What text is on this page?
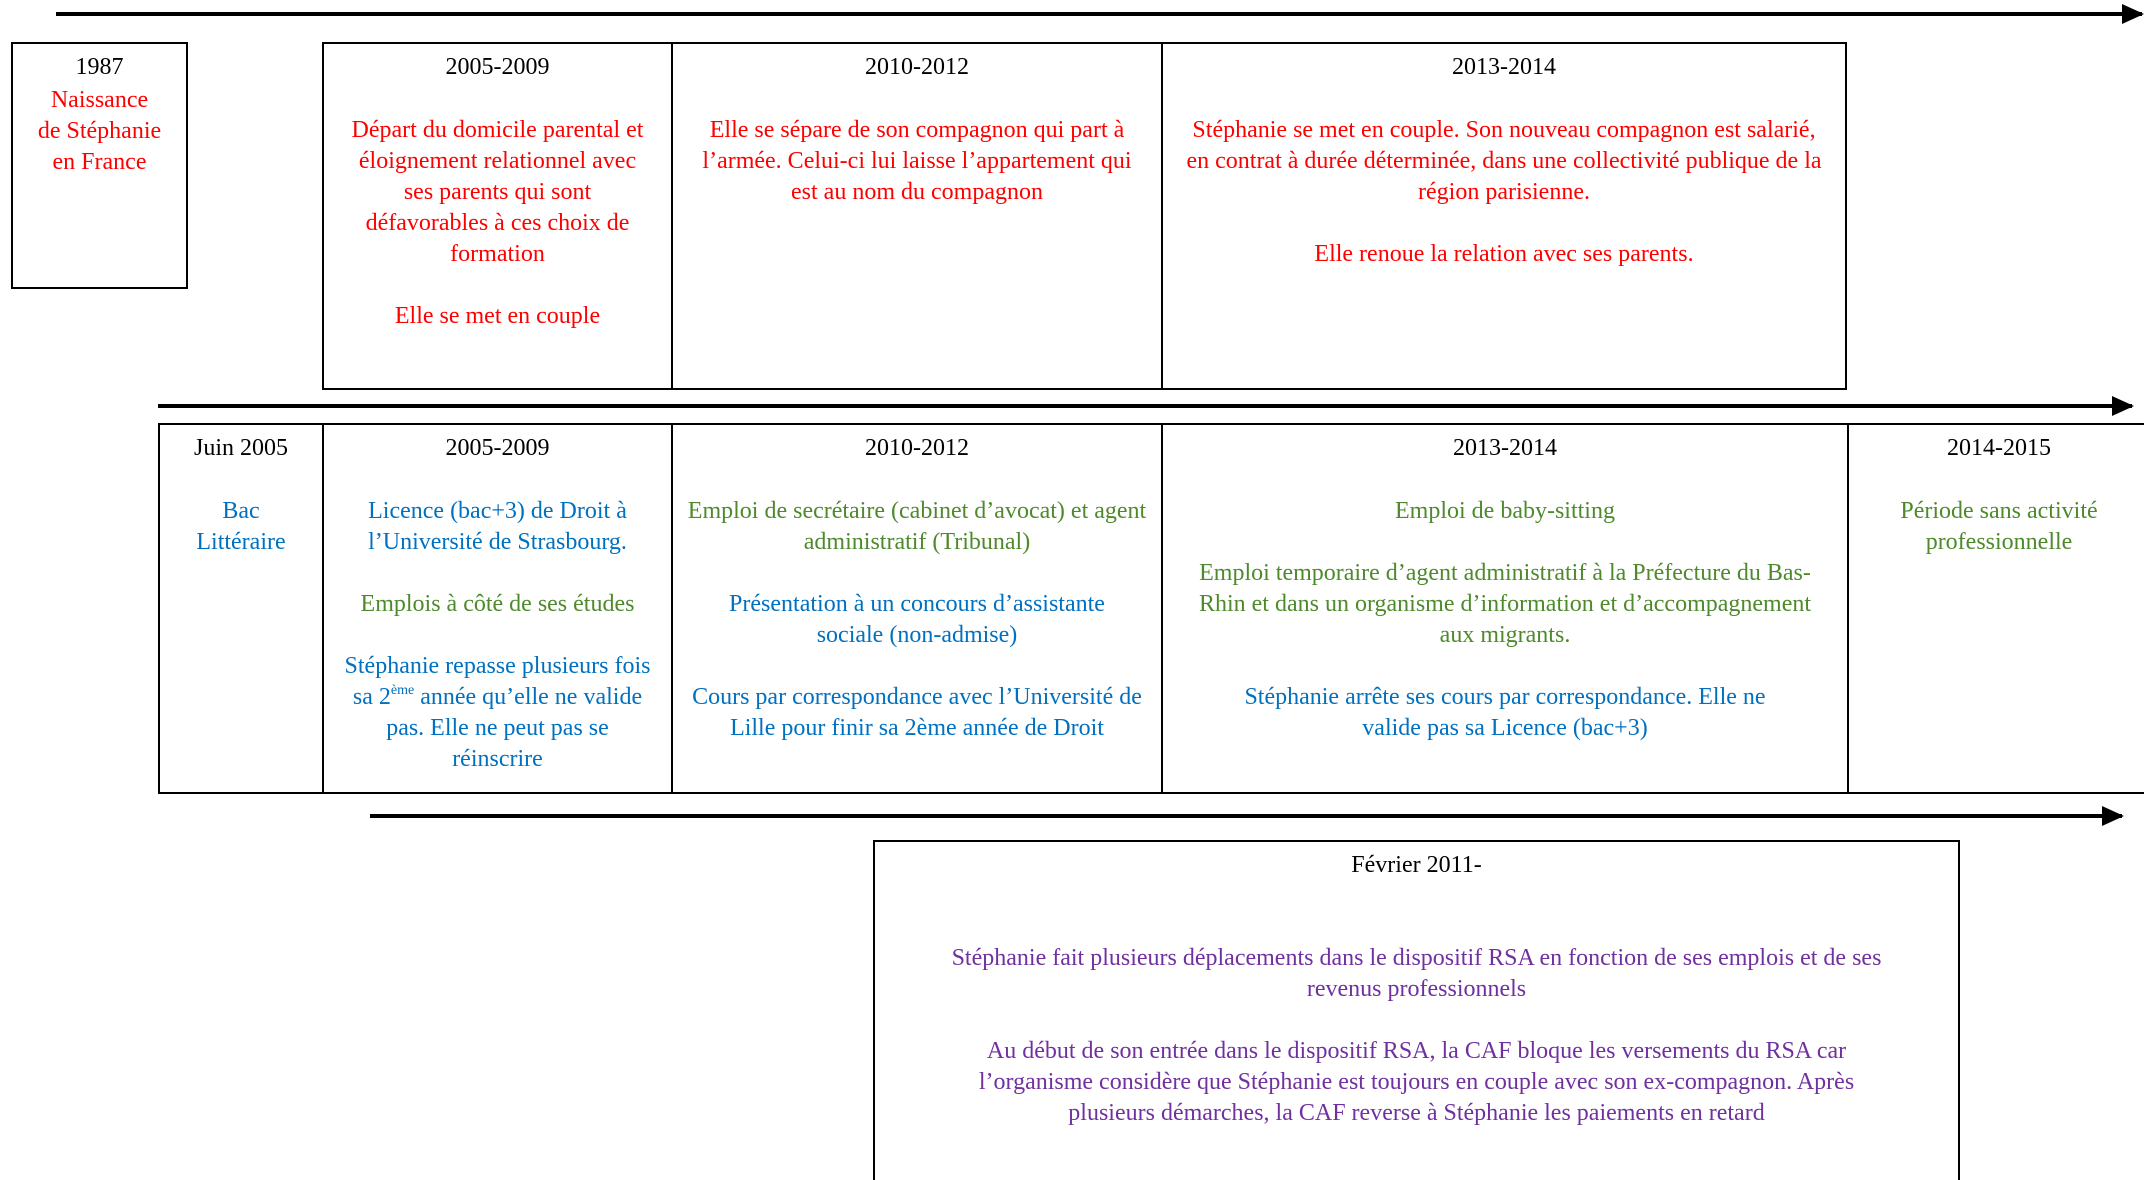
1987
Naissance de Stéphanie en France
2005-2009
Départ du domicile parental et éloignement relationnel avec ses parents qui sont défavorables à ces choix de formation
Elle se met en couple
2010-2012
Elle se sépare de son compagnon qui part à l’armée. Celui-ci lui laisse l’appartement qui est au nom du compagnon
2013-2014
Stéphanie se met en couple. Son nouveau compagnon est salarié, en contrat à durée déterminée, dans une collectivité publique de la région parisienne.
Elle renoue la relation avec ses parents.
Juin 2005
Bac Littéraire
2005-2009
Licence (bac+3) de Droit à l’Université de Strasbourg.
Emplois à côté de ses études
Stéphanie repasse plusieurs fois sa 2ème année qu’elle ne valide pas. Elle ne peut pas se réinscrire
2010-2012
Emploi de secrétaire (cabinet d’avocat) et agent administratif (Tribunal)
Présentation à un concours d’assistante sociale (non-admise)
Cours par correspondance avec l’Université de Lille pour finir sa 2ème année de Droit
2013-2014
Emploi de baby-sitting
Emploi temporaire d’agent administratif à la Préfecture du Bas-Rhin et dans un organisme d’information et d’accompagnement aux migrants.
Stéphanie arrête ses cours par correspondance. Elle ne valide pas sa Licence (bac+3)
2014-2015
Période sans activité professionnelle
Février 2011-
Stéphanie fait plusieurs déplacements dans le dispositif RSA en fonction de ses emplois et de ses revenus professionnels
Au début de son entrée dans le dispositif RSA, la CAF bloque les versements du RSA car l’organisme considère que Stéphanie est toujours en couple avec son ex-compagnon. Après plusieurs démarches, la CAF reverse à Stéphanie les paiements en retard
